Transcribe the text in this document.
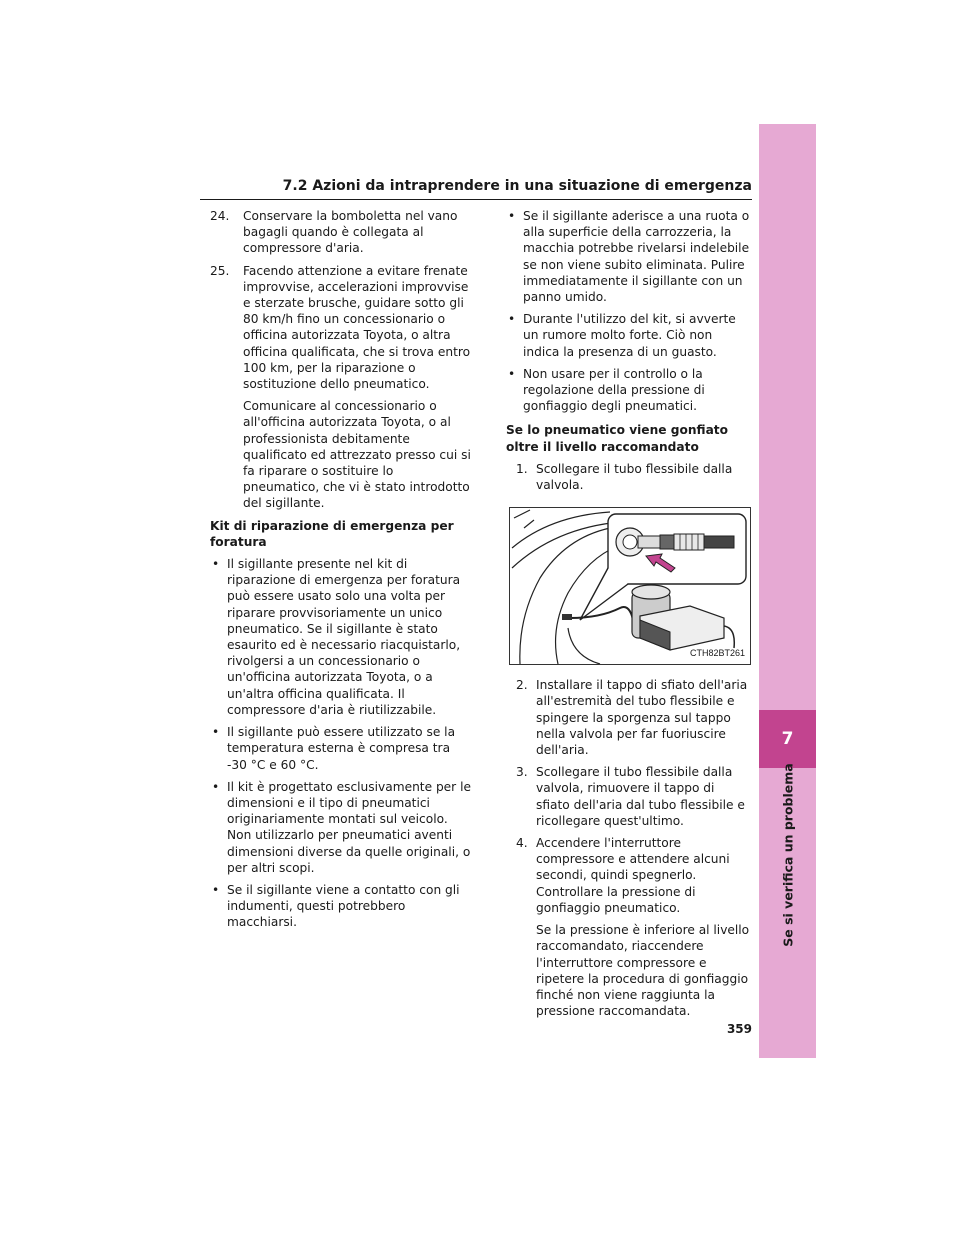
7
Se si verifica un problema
7.2 Azioni da intraprendere in una situazione di emergenza
24. Conservare la bomboletta nel vano bagagli quando è collegata al compressore d'aria.
25. Facendo attenzione a evitare frenate improvvise, accelerazioni improvvise e sterzate brusche, guidare sotto gli 80 km/h fino un concessionario o officina autorizzata Toyota, o altra officina qualificata, che si trova entro 100 km, per la riparazione o sostituzione dello pneumatico.
Comunicare al concessionario o all'officina autorizzata Toyota, o al professionista debitamente qualificato ed attrezzato presso cui si fa riparare o sostituire lo pneumatico, che vi è stato introdotto del sigillante.
Kit di riparazione di emergenza per foratura
• Il sigillante presente nel kit di riparazione di emergenza per foratura può essere usato solo una volta per riparare provvisoriamente un unico pneumatico. Se il sigillante è stato esaurito ed è necessario riacquistarlo, rivolgersi a un concessionario o un'officina autorizzata Toyota, o a un'altra officina qualificata. Il compressore d'aria è riutilizzabile.
• Il sigillante può essere utilizzato se la temperatura esterna è compresa tra -30 °C e 60 °C.
• Il kit è progettato esclusivamente per le dimensioni e il tipo di pneumatici originariamente montati sul veicolo. Non utilizzarlo per pneumatici aventi dimensioni diverse da quelle originali, o per altri scopi.
• Se il sigillante viene a contatto con gli indumenti, questi potrebbero macchiarsi.
• Se il sigillante aderisce a una ruota o alla superficie della carrozzeria, la macchia potrebbe rivelarsi indelebile se non viene subito eliminata. Pulire immediatamente il sigillante con un panno umido.
• Durante l'utilizzo del kit, si avverte un rumore molto forte. Ciò non indica la presenza di un guasto.
• Non usare per il controllo o la regolazione della pressione di gonfiaggio degli pneumatici.
Se lo pneumatico viene gonfiato oltre il livello raccomandato
1. Scollegare il tubo flessibile dalla valvola.
CTH82BT261
2. Installare il tappo di sfiato dell'aria all'estremità del tubo flessibile e spingere la sporgenza sul tappo nella valvola per far fuoriuscire dell'aria.
3. Scollegare il tubo flessibile dalla valvola, rimuovere il tappo di sfiato dell'aria dal tubo flessibile e ricollegare quest'ultimo.
4. Accendere l'interruttore compressore e attendere alcuni secondi, quindi spegnerlo. Controllare la pressione di gonfiaggio pneumatico.
Se la pressione è inferiore al livello raccomandato, riaccendere l'interruttore compressore e ripetere la procedura di gonfiaggio finché non viene raggiunta la pressione raccomandata.
359
